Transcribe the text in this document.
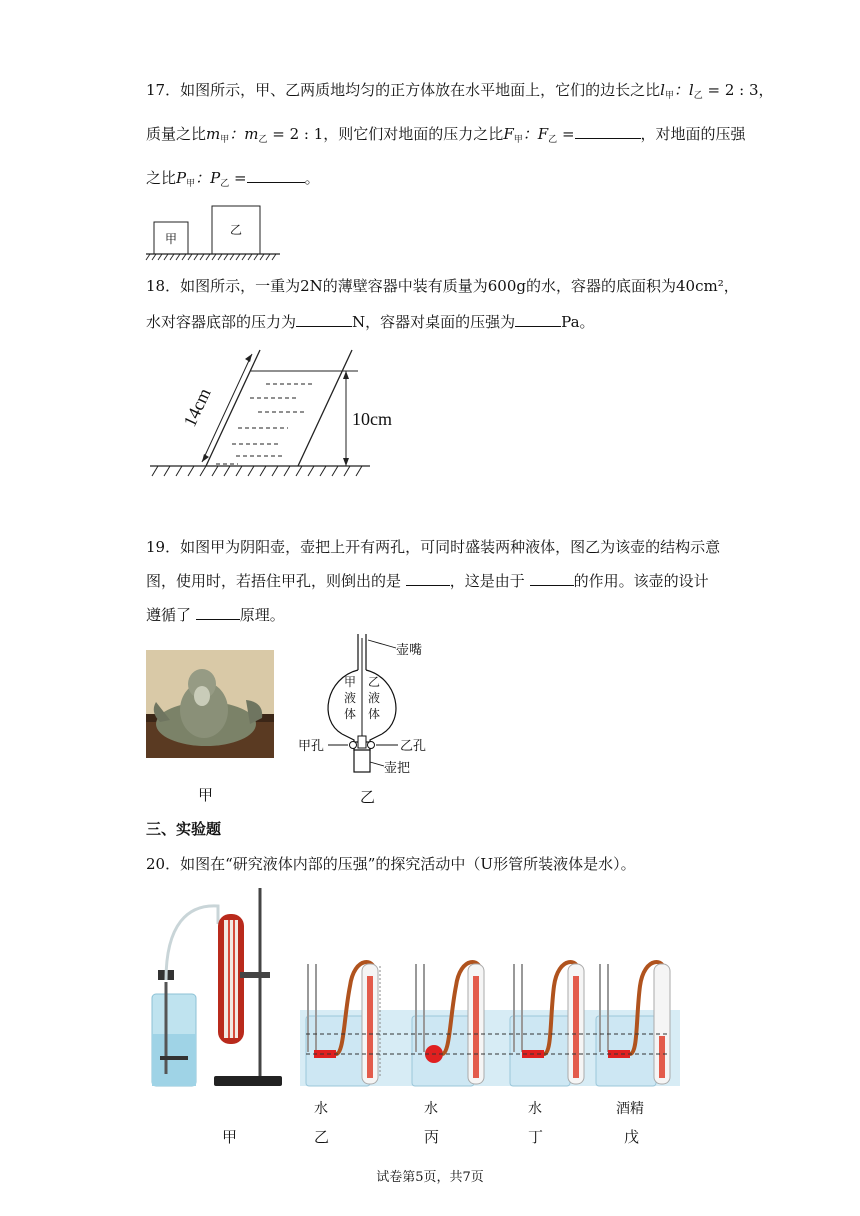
17．如图所示，甲、乙两质地均匀的正方体放在水平地面上，它们的边长之比$l_甲$：$l_乙 = 2$ : 3，
质量之比$m_甲$：$m_乙 = 2$ : 1，则它们对地面的压力之比$F_甲$：$F_乙$ =	，对地面的压强
之比$P_甲$：$P_乙$ =	。
甲
乙
18．如图所示，一重为2N的薄壁容器中装有质量为600g的水，容器的底面积为40cm²，
水对容器底部的压力为	N，容器对桌面的压强为	Pa。
10cm
14cm
19．如图甲为阴阳壶，壶把上开有两孔，可同时盛装两种液体，图乙为该壶的结构示意
图，使用时，若捂住甲孔，则倒出的是	，这是由于	的作用。该壶的设计
遵循了	原理。
甲
壶嘴
甲
液
体
乙
液
体
甲孔	乙孔
壶把
乙
三、实验题
20．如图在“研究液体内部的压强”的探究活动中（U形管所装液体是水）。
水	水	水	酒精
甲	乙	丙	丁	戊
试卷第5页，共7页
